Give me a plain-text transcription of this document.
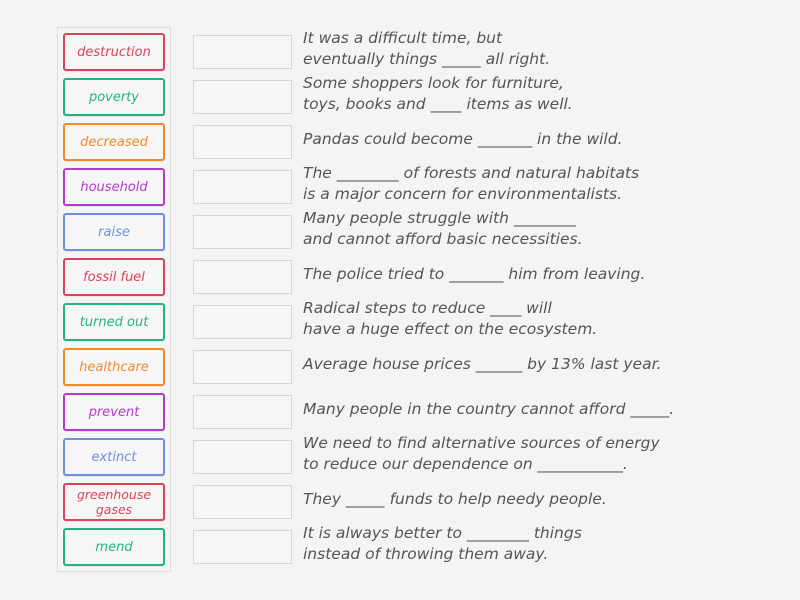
destruction
poverty
decreased
household
raise
fossil fuel
turned out
healthcare
prevent
extinct
greenhouse gases
mend
It was a difficult time, but
eventually things _____ all right.
Some shoppers look for furniture,
toys, books and ____ items as well.
Pandas could become _______ in the wild.
The ________ of forests and natural habitats
is a major concern for environmentalists.
Many people struggle with ________
and cannot afford basic necessities.
The police tried to _______ him from leaving.
Radical steps to reduce ____ will
have a huge effect on the ecosystem.
Average house prices ______ by 13% last year.
Many people in the country cannot afford _____.
We need to find alternative sources of energy
to reduce our dependence on ___________.
They _____ funds to help needy people.
It is always better to ________ things
instead of throwing them away.
